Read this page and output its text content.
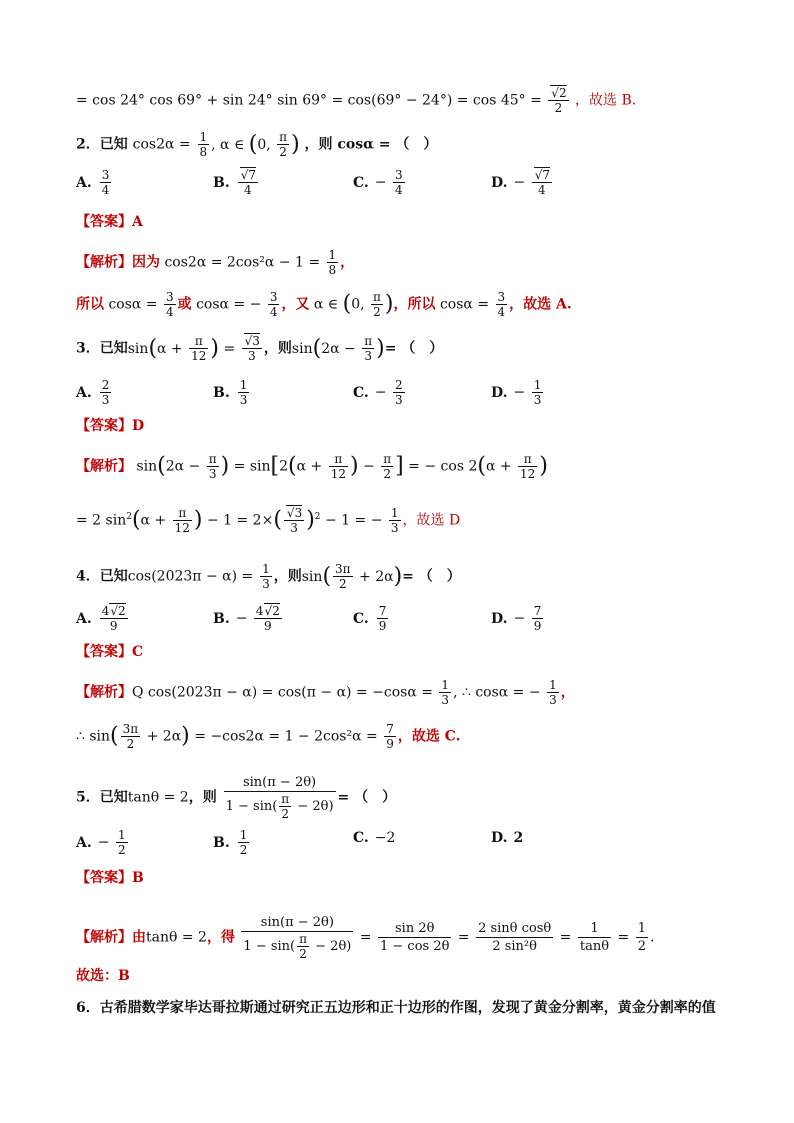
= cos 24° cos 69° + sin 24° $\sin 69^\circ = \cos(69^\circ - 24^\circ) = \cos 45^\circ = \frac{√2}{2}$ ，故选 B.
2．已知 $\cos 2\alpha = \frac{1}{8}$ , α ∈ (0, $\frac{\pi}{2}$ ) ，则 cosα = （　）
A. $\frac{3}{4}$	B. $\frac{√7}{4}$	C. − $\frac{3}{4}$	D. − $\frac{√7}{4}$
【答案】A
【解析】因为 $\cos 2\alpha = 2\cos^2\alpha - 1 = \frac{1}{8}$ ，
所以 $\cos\alpha = \frac{3}{4}$ 或 cosα = − $\frac{3}{4}$ ，又 α ∈ (0, $\frac{\pi}{2}$ )，所以 $\cos\alpha = \frac{3}{4}$ ，故选 A.
3．已知$\sin(\alpha + \frac{\pi}{12}$ ) = $\frac{√3}{3}$ ，则$\sin(2\alpha - \frac{\pi}{3}$ )= （　）
A. $\frac{2}{3}$	B. $\frac{1}{3}$	C. − $\frac{2}{3}$	D. − $\frac{1}{3}$
【答案】D
【解析】 $\sin(2\alpha - \frac{\pi}{3}$ ) = $\sin[2(\alpha + \frac{\pi}{12}$ ) − $\frac{\pi}{2}$ ] = − $\cos 2(\alpha + \frac{\pi}{12}$ )
= 2 $\sin^2(\alpha + \frac{\pi}{12}$ ) − $1 = 2\times( \frac{√3}{3} )^2 - 1$ = − $\frac{1}{3}$ ，故选 D
4．已知$\cos(2023\pi - \alpha) = \frac{1}{3}$ ，则$\sin( \frac{3\pi}{2} + 2\alpha)=$ （　）
A. $\frac{4√2}{9}$	B. − $\frac{4√2}{9}$	C. $\frac{7}{9}$	D. − $\frac{7}{9}$
【答案】C
【解析】Q $\cos(2023\pi - \alpha) = \cos(\pi - \alpha) = -\cos\alpha = \frac{1}{3}$ , ∴ cosα = − $\frac{1}{3}$ ，
∴ $\sin( \frac{3\pi}{2} + 2\alpha) = -\cos 2\alpha = 1 - 2\cos^2\alpha = \frac{7}{9}$ ，故选 C.
5．已知tanθ = 2，则 $\frac{\sin(\pi - 2\theta)}{1 - \sin( \frac{\pi}{2} - 2\theta)}$ = （　）
A. − $\frac{1}{2}$	B. $\frac{1}{2}$	C. −2	D. 2
【答案】B
【解析】由tanθ = 2，得 $\frac{\sin(\pi - 2\theta)}{1 - \sin( \frac{\pi}{2} - 2\theta)} = \frac{\sin 2\theta}{1 - \cos 2\theta} = \frac{\text{2 sinθ cosθ}}{\text{2 sin²θ}} = \frac{1}{\tan\theta} = \frac{1}{2}$ .
故选：B
6．古希腊数学家毕达哥拉斯通过研究正五边形和正十边形的作图，发现了黄金分割率，黄金分割率的值
